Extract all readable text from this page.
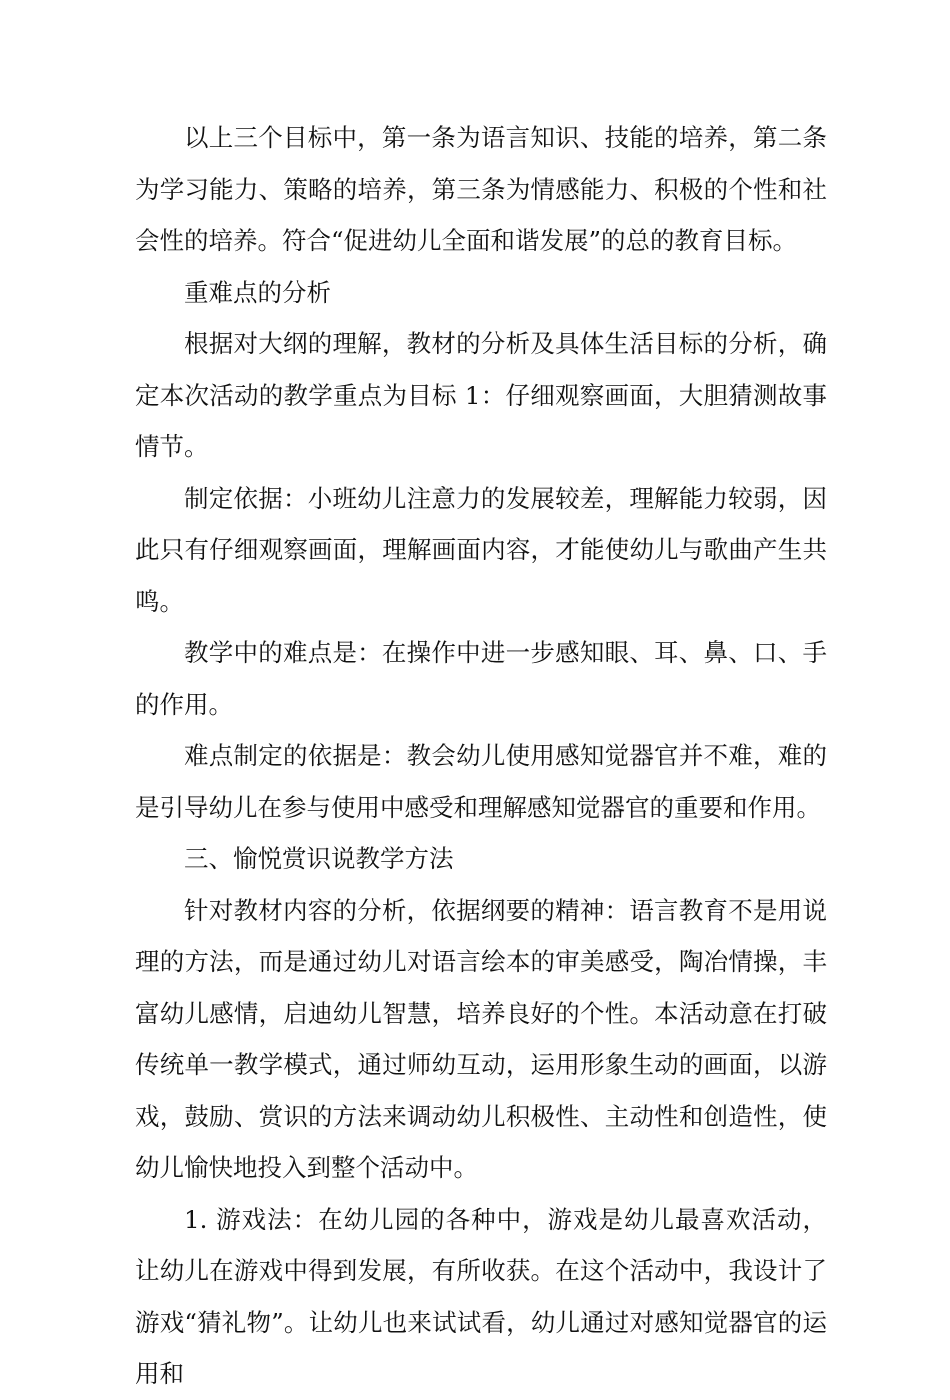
以上三个目标中，第一条为语言知识、技能的培养，第二条为学习能力、策略的培养，第三条为情感能力、积极的个性和社会性的培养。符合“促进幼儿全面和谐发展”的总的教育目标。

重难点的分析

根据对大纲的理解，教材的分析及具体生活目标的分析，确定本次活动的教学重点为目标 1：仔细观察画面，大胆猜测故事情节。

制定依据：小班幼儿注意力的发展较差，理解能力较弱，因此只有仔细观察画面，理解画面内容，才能使幼儿与歌曲产生共鸣。

教学中的难点是：在操作中进一步感知眼、耳、鼻、口、手的作用。

难点制定的依据是：教会幼儿使用感知觉器官并不难，难的是引导幼儿在参与使用中感受和理解感知觉器官的重要和作用。

三、愉悦赏识说教学方法

针对教材内容的分析，依据纲要的精神：语言教育不是用说理的方法，而是通过幼儿对语言绘本的审美感受，陶冶情操，丰富幼儿感情，启迪幼儿智慧，培养良好的个性。本活动意在打破传统单一教学模式，通过师幼互动，运用形象生动的画面，以游戏，鼓励、赏识的方法来调动幼儿积极性、主动性和创造性，使幼儿愉快地投入到整个活动中。

1. 游戏法：在幼儿园的各种中，游戏是幼儿最喜欢活动，让幼儿在游戏中得到发展，有所收获。在这个活动中，我设计了游戏“猜礼物”。让幼儿也来试试看，幼儿通过对感知觉器官的运用和
